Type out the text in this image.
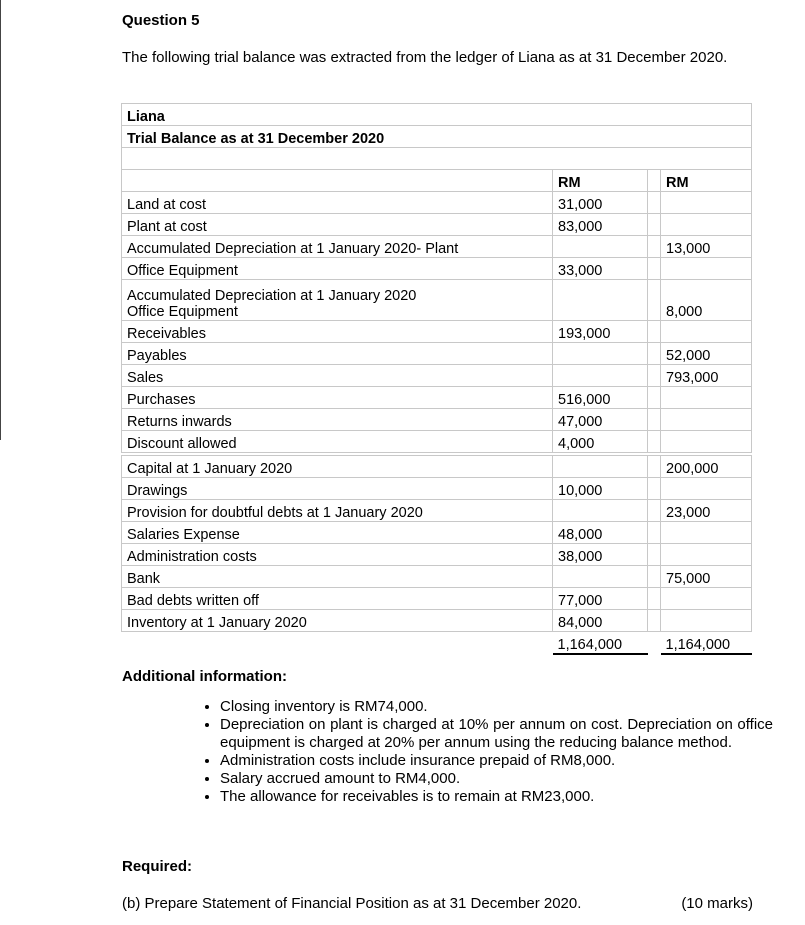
Question 5
The following trial balance was extracted from the ledger of Liana as at 31 December 2020.
Liana			
Trial Balance as at 31 December 2020			

	RM		RM
Land at cost	31,000		
Plant at cost	83,000		
Accumulated Depreciation at 1 January 2020- Plant			13,000
Office Equipment	33,000		

Accumulated Depreciation at 1 January 2020
Office Equipment			8,000
Receivables	193,000		
Payables			52,000
Sales			793,000
Purchases	516,000		
Returns inwards	47,000		
Discount allowed	4,000		
Capital at 1 January 2020			200,000
Drawings	10,000		
Provision for doubtful debts at 1 January 2020			23,000
Salaries Expense	48,000		
Administration costs	38,000		
Bank			75,000
Bad debts written off	77,000		
Inventory at 1 January 2020	84,000		
	1,164,000		1,164,000
Additional information:
• Closing inventory is RM74,000.
• Depreciation on plant is charged at 10% per annum on cost. Depreciation on office equipment is charged at 20% per annum using the reducing balance method.
• Administration costs include insurance prepaid of RM8,000.
• Salary accrued amount to RM4,000.
• The allowance for receivables is to remain at RM23,000.
Required:
(b) Prepare Statement of Financial Position as at 31 December 2020.	(10 marks)
